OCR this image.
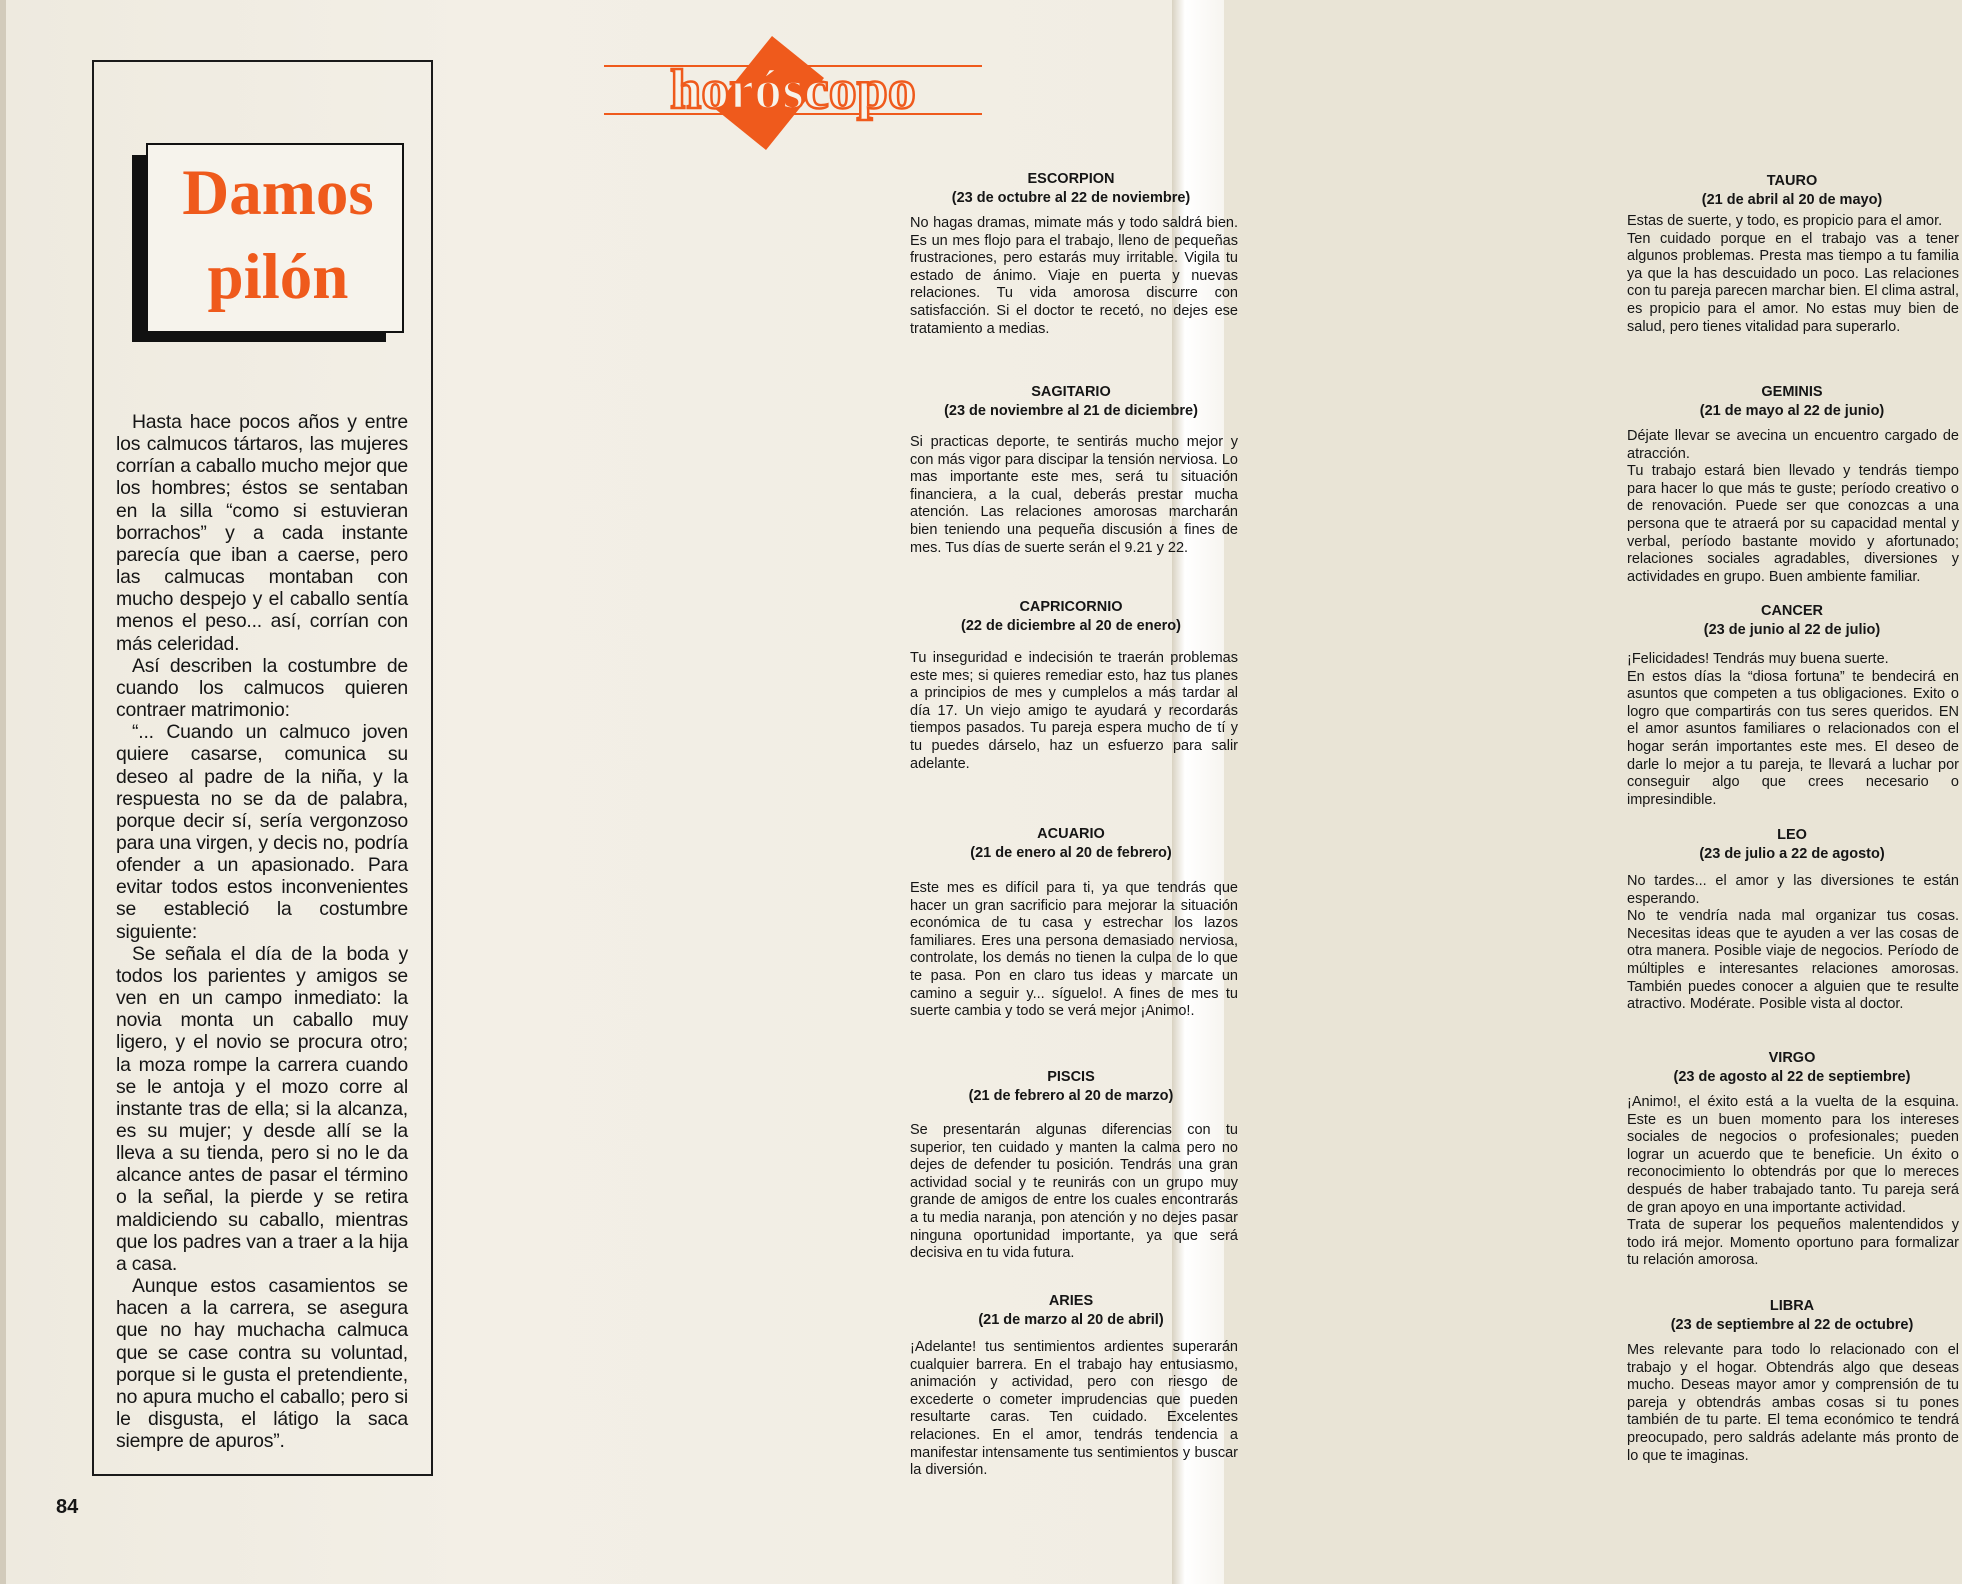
Damos
pilón

Hasta hace pocos años y entre los calmucos tártaros, las mujeres corrían a caballo mucho mejor que los hombres; éstos se sentaban en la silla “como si estuvieran borrachos” y a cada instante parecía que iban a caerse, pero las calmucas montaban con mucho despejo y el caballo sentía menos el peso... así, corrían con más celeridad.

Así describen la costumbre de cuando los calmucos quieren contraer matrimonio:

“... Cuando un calmuco joven quiere casarse, comunica su deseo al padre de la niña, y la respuesta no se da de palabra, porque decir sí, sería vergonzoso para una virgen, y decis no, podría ofender a un apasionado. Para evitar todos estos inconvenientes se estableció la costumbre siguiente:

Se señala el día de la boda y todos los parientes y amigos se ven en un campo inmediato: la novia monta un caballo muy ligero, y el novio se procura otro; la moza rompe la carrera cuando se le antoja y el mozo corre al instante tras de ella; si la alcanza, es su mujer; y desde allí se la lleva a su tienda, pero si no le da alcance antes de pasar el término o la señal, la pierde y se retira maldiciendo su caballo, mientras que los padres van a traer a la hija a casa.

Aunque estos casamientos se hacen a la carrera, se asegura que no hay muchacha calmuca que se case contra su voluntad, porque si le gusta el pretendiente, no apura mucho el caballo; pero si le disgusta, el látigo la saca siempre de apuros”.

horóscopo
ESCORPION
(23 de octubre al 22 de noviembre)
No hagas dramas, mimate más y todo saldrá bien. Es un mes flojo para el trabajo, lleno de pequeñas frustraciones, pero estarás muy irritable. Vigila tu estado de ánimo. Viaje en puerta y nuevas relaciones. Tu vida amorosa discurre con satisfacción. Si el doctor te recetó, no dejes ese tratamiento a medias.
SAGITARIO
(23 de noviembre al 21 de diciembre)
Si practicas deporte, te sentirás mucho mejor y con más vigor para discipar la tensión nerviosa. Lo mas importante este mes, será tu situación financiera, a la cual, deberás prestar mucha atención. Las relaciones amorosas marcharán bien teniendo una pequeña discusión a fines de mes. Tus días de suerte serán el 9.21 y 22.
CAPRICORNIO
(22 de diciembre al 20 de enero)
Tu inseguridad e indecisión te traerán problemas este mes; si quieres remediar esto, haz tus planes a principios de mes y cumplelos a más tardar al día 17. Un viejo amigo te ayudará y recordarás tiempos pasados. Tu pareja espera mucho de tí y tu puedes dárselo, haz un esfuerzo para salir adelante.
ACUARIO
(21 de enero al 20 de febrero)
Este mes es difícil para ti, ya que tendrás que hacer un gran sacrificio para mejorar la situación económica de tu casa y estrechar los lazos familiares. Eres una persona demasiado nerviosa, controlate, los demás no tienen la culpa de lo que te pasa. Pon en claro tus ideas y marcate un camino a seguir y... síguelo!. A fines de mes tu suerte cambia y todo se verá mejor ¡Animo!.
PISCIS
(21 de febrero al 20 de marzo)
Se presentarán algunas diferencias con tu superior, ten cuidado y manten la calma pero no dejes de defender tu posición. Tendrás una gran actividad social y te reunirás con un grupo muy grande de amigos de entre los cuales encontrarás a tu media naranja, pon atención y no dejes pasar ninguna oportunidad importante, ya que será decisiva en tu vida futura.
ARIES
(21 de marzo al 20 de abril)
¡Adelante! tus sentimientos ardientes superarán cualquier barrera. En el trabajo hay entusiasmo, animación y actividad, pero con riesgo de excederte o cometer imprudencias que pueden resultarte caras. Ten cuidado. Excelentes relaciones. En el amor, tendrás tendencia a manifestar intensamente tus sentimientos y buscar la diversión.
TAURO
(21 de abril al 20 de mayo)
Estas de suerte, y todo, es propicio para el amor.
Ten cuidado porque en el trabajo vas a tener algunos problemas. Presta mas tiempo a tu familia ya que la has descuidado un poco. Las relaciones con tu pareja parecen marchar bien. El clima astral, es propicio para el amor. No estas muy bien de salud, pero tienes vitalidad para superarlo.
GEMINIS
(21 de mayo al 22 de junio)
Déjate llevar se avecina un encuentro cargado de atracción.
Tu trabajo estará bien llevado y tendrás tiempo para hacer lo que más te guste; período creativo o de renovación. Puede ser que conozcas a una persona que te atraerá por su capacidad mental y verbal, período bastante movido y afortunado; relaciones sociales agradables, diversiones y actividades en grupo. Buen ambiente familiar.
CANCER
(23 de junio al 22 de julio)
¡Felicidades! Tendrás muy buena suerte.
En estos días la “diosa fortuna” te bendecirá en asuntos que competen a tus obligaciones. Exito o logro que compartirás con tus seres queridos. EN el amor asuntos familiares o relacionados con el hogar serán importantes este mes. El deseo de darle lo mejor a tu pareja, te llevará a luchar por conseguir algo que crees necesario o impresindible.
LEO
(23 de julio a 22 de agosto)
No tardes... el amor y las diversiones te están esperando.
No te vendría nada mal organizar tus cosas. Necesitas ideas que te ayuden a ver las cosas de otra manera. Posible viaje de negocios. Período de múltiples e interesantes relaciones amorosas. También puedes conocer a alguien que te resulte atractivo. Modérate. Posible vista al doctor.
VIRGO
(23 de agosto al 22 de septiembre)
¡Animo!, el éxito está a la vuelta de la esquina. Este es un buen momento para los intereses sociales de negocios o profesionales; pueden lograr un acuerdo que te beneficie. Un éxito o reconocimiento lo obtendrás por que lo mereces después de haber trabajado tanto. Tu pareja será de gran apoyo en una importante actividad.
Trata de superar los pequeños malentendidos y todo irá mejor. Momento oportuno para formalizar tu relación amorosa.
LIBRA
(23 de septiembre al 22 de octubre)
Mes relevante para todo lo relacionado con el trabajo y el hogar. Obtendrás algo que deseas mucho. Deseas mayor amor y comprensión de tu pareja y obtendrás ambas cosas si tu pones también de tu parte. El tema económico te tendrá preocupado, pero saldrás adelante más pronto de lo que te imaginas.
84
